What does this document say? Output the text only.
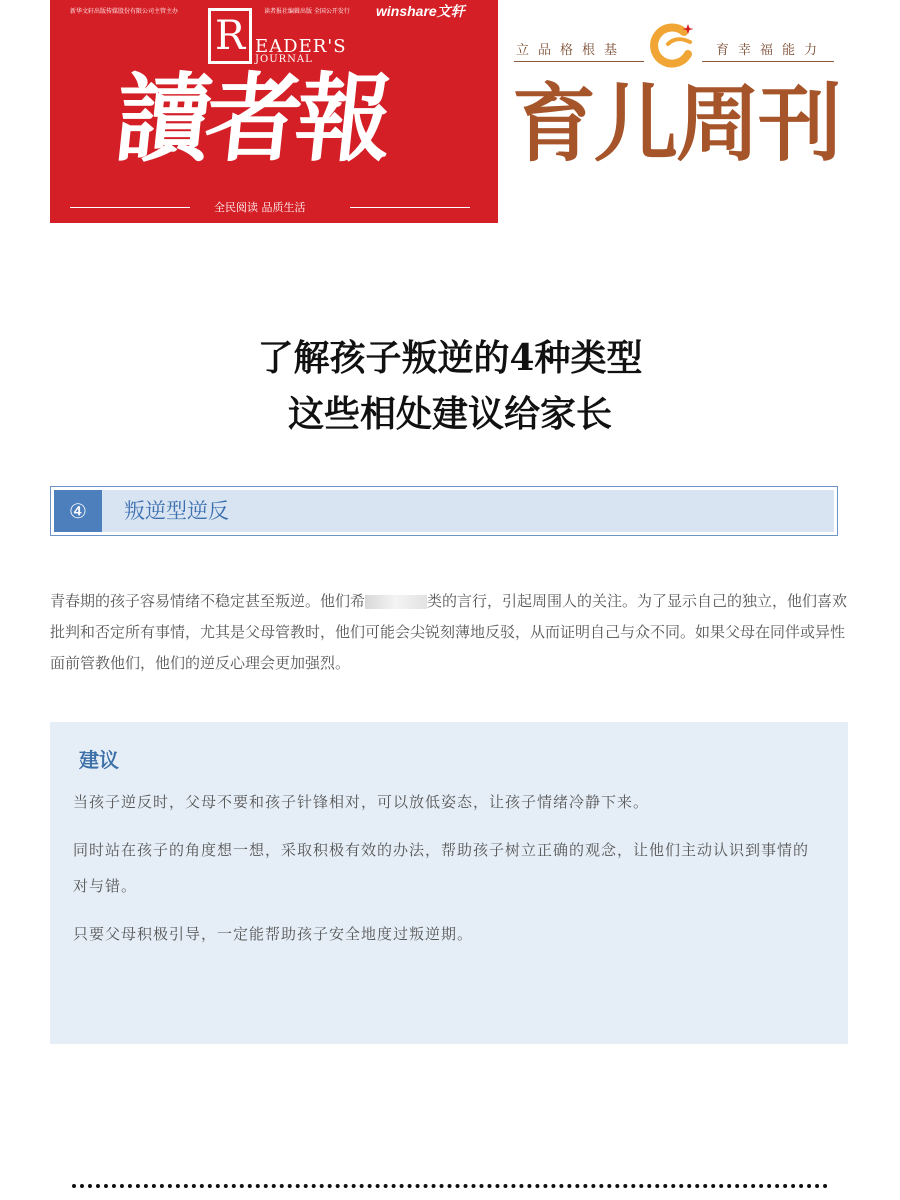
新华文轩出版传媒股份有限公司主管主办	读者报社编辑出版 全国公开发行 winshare文轩
R EADER'S
JOURNAL
讀者報
全民阅读 品质生活
立品格根基	育幸福能力
育儿周刊
了解孩子叛逆的4种类型
这些相处建议给家长
④	叛逆型逆反
青春期的孩子容易情绪不稳定甚至叛逆。他们希	类的言行，引起周围人的关注。为了显示自己的独立，他们喜欢批判和否定所有事情，尤其是父母管教时，他们可能会尖锐刻薄地反驳，从而证明自己与众不同。如果父母在同伴或异性面前管教他们，他们的逆反心理会更加强烈。
建议
当孩子逆反时，父母不要和孩子针锋相对，可以放低姿态，让孩子情绪冷静下来。
同时站在孩子的角度想一想，采取积极有效的办法，帮助孩子树立正确的观念，让他们主动认识到事情的对与错。
只要父母积极引导，一定能帮助孩子安全地度过叛逆期。
